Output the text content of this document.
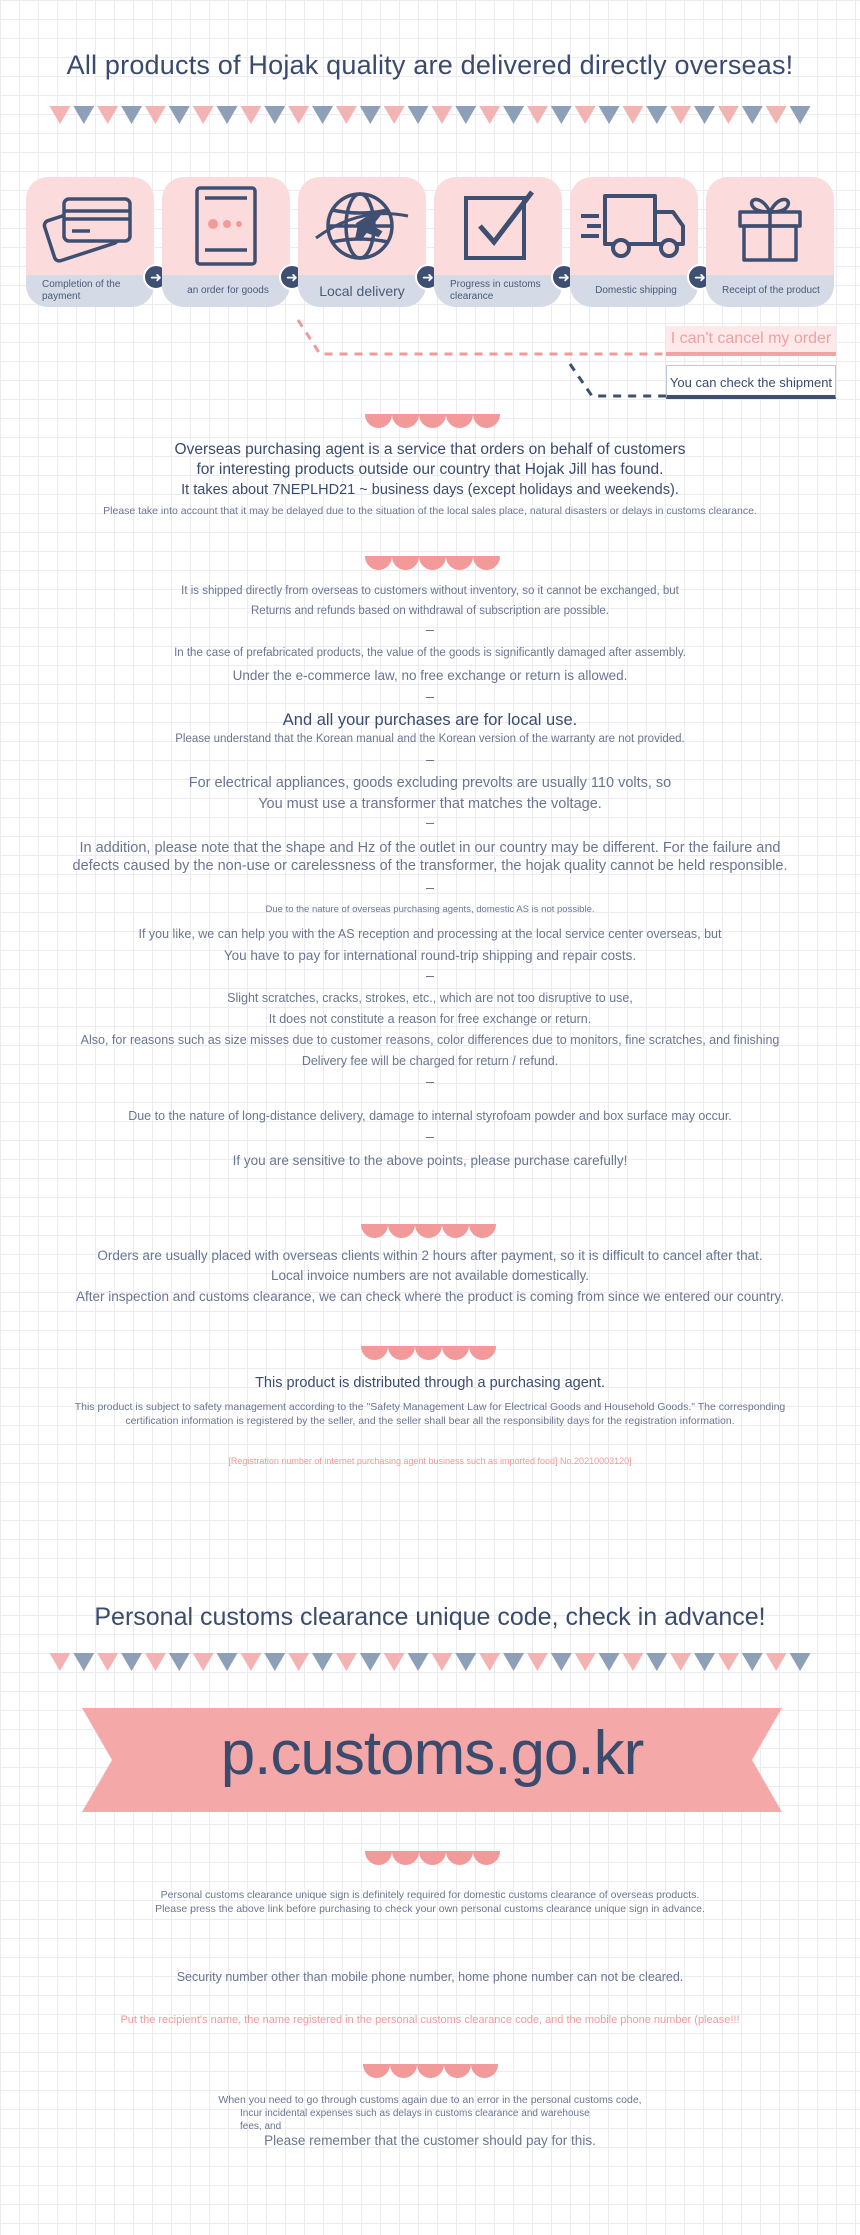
All products of Hojak quality are delivered directly overseas!
Completion of the payment
➜
an order for goods
➜
Local delivery
➜	Progress in customs clearance
➜
Domestic shipping
➜
Receipt of the product
I can't cancel my order
You can check the shipment
Overseas purchasing agent is a service that orders on behalf of customers
for interesting products outside our country that Hojak Jill has found.
It takes about 7NEPLHD21 ~ business days (except holidays and weekends).
Please take into account that it may be delayed due to the situation of the local sales place, natural disasters or delays in customs clearance.
It is shipped directly from overseas to customers without inventory, so it cannot be exchanged, but
Returns and refunds based on withdrawal of subscription are possible.
In the case of prefabricated products, the value of the goods is significantly damaged after assembly.
Under the e-commerce law, no free exchange or return is allowed.
And all your purchases are for local use.
Please understand that the Korean manual and the Korean version of the warranty are not provided.
For electrical appliances, goods excluding prevolts are usually 110 volts, so
You must use a transformer that matches the voltage.
In addition, please note that the shape and Hz of the outlet in our country may be different. For the failure and
defects caused by the non-use or carelessness of the transformer, the hojak quality cannot be held responsible.
Due to the nature of overseas purchasing agents, domestic AS is not possible.
If you like, we can help you with the AS reception and processing at the local service center overseas, but
You have to pay for international round-trip shipping and repair costs.
Slight scratches, cracks, strokes, etc., which are not too disruptive to use,
It does not constitute a reason for free exchange or return.
Also, for reasons such as size misses due to customer reasons, color differences due to monitors, fine scratches, and finishing
Delivery fee will be charged for return / refund.
Due to the nature of long-distance delivery, damage to internal styrofoam powder and box surface may occur.
If you are sensitive to the above points, please purchase carefully!
Orders are usually placed with overseas clients within 2 hours after payment, so it is difficult to cancel after that.
Local invoice numbers are not available domestically.
After inspection and customs clearance, we can check where the product is coming from since we entered our country.
This product is distributed through a purchasing agent.
This product is subject to safety management according to the "Safety Management Law for Electrical Goods and Household Goods." The corresponding
certification information is registered by the seller, and the seller shall bear all the responsibility days for the registration information.
[Registration number of internet purchasing agent business such as imported food] No.20210003120]
Personal customs clearance unique code, check in advance!
p.customs.go.kr
Personal customs clearance unique sign is definitely required for domestic customs clearance of overseas products.
Please press the above link before purchasing to check your own personal customs clearance unique sign in advance.
Security number other than mobile phone number, home phone number can not be cleared.
Put the recipient's name, the name registered in the personal customs clearance code, and the mobile phone number (please!!!
When you need to go through customs again due to an error in the personal customs code,
Incur incidental expenses such as delays in customs clearance and warehouse
fees, and
Please remember that the customer should pay for this.
